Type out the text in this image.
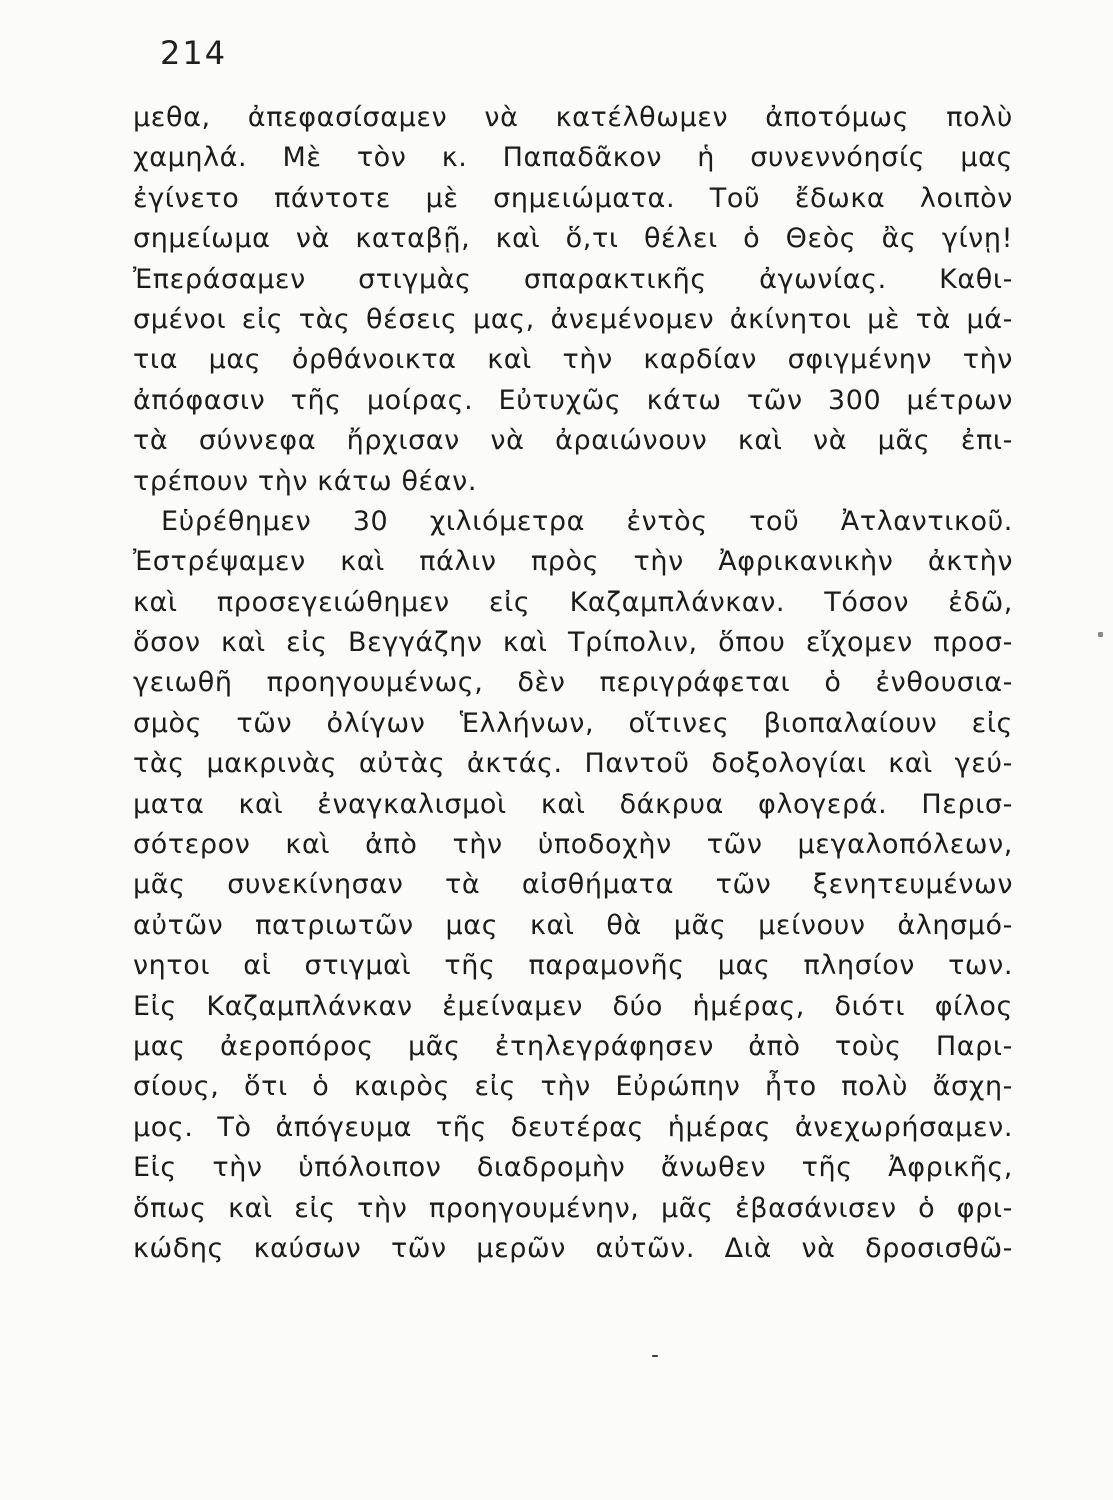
214
μεθα, ἀπεφασίσαμεν νὰ κατέλθωμεν ἀποτόμως πολὺ
χαμηλά. Μὲ τὸν κ. Παπαδᾶκον ἡ συνεννόησίς μας
ἐγίνετο πάντοτε μὲ σημειώματα. Τοῦ ἔδωκα λοιπὸν
σημείωμα νὰ καταβῇ, καὶ ὅ,τι θέλει ὁ Θεὸς ἂς γίνῃ!
Ἐπεράσαμεν στιγμὰς σπαρακτικῆς ἀγωνίας. Καθι-
σμένοι εἰς τὰς θέσεις μας, ἀνεμένομεν ἀκίνητοι μὲ τὰ μά-
τια μας ὀρθάνοικτα καὶ τὴν καρδίαν σφιγμένην τὴν
ἀπόφασιν τῆς μοίρας. Εὐτυχῶς κάτω τῶν 300 μέτρων
τὰ σύννεφα ἤρχισαν νὰ ἀραιώνουν καὶ νὰ μᾶς ἐπι-
τρέπουν τὴν κάτω θέαν.
Εὑρέθημεν 30 χιλιόμετρα ἐντὸς τοῦ Ἀτλαντικοῦ.
Ἐστρέψαμεν καὶ πάλιν πρὸς τὴν Ἀφρικανικὴν ἀκτὴν
καὶ προσεγειώθημεν εἰς Καζαμπλάνκαν. Τόσον ἐδῶ,
ὅσον καὶ εἰς Βεγγάζην καὶ Τρίπολιν, ὅπου εἴχομεν προσ-
γειωθῆ προηγουμένως, δὲν περιγράφεται ὁ ἐνθουσια-
σμὸς τῶν ὀλίγων Ἑλλήνων, οἵτινες βιοπαλαίουν εἰς
τὰς μακρινὰς αὐτὰς ἀκτάς. Παντοῦ δοξολογίαι καὶ γεύ-
ματα καὶ ἐναγκαλισμοὶ καὶ δάκρυα φλογερά. Περισ-
σότερον καὶ ἀπὸ τὴν ὑποδοχὴν τῶν μεγαλοπόλεων,
μᾶς συνεκίνησαν τὰ αἰσθήματα τῶν ξενητευμένων
αὐτῶν πατριωτῶν μας καὶ θὰ μᾶς μείνουν ἀλησμό-
νητοι αἱ στιγμαὶ τῆς παραμονῆς μας πλησίον των.
Εἰς Καζαμπλάνκαν ἐμείναμεν δύο ἡμέρας, διότι φίλος
μας ἀεροπόρος μᾶς ἐτηλεγράφησεν ἀπὸ τοὺς Παρι-
σίους, ὅτι ὁ καιρὸς εἰς τὴν Εὐρώπην ἦτο πολὺ ἄσχη-
μος. Τὸ ἀπόγευμα τῆς δευτέρας ἡμέρας ἀνεχωρήσαμεν.
Εἰς τὴν ὑπόλοιπον διαδρομὴν ἄνωθεν τῆς Ἀφρικῆς,
ὅπως καὶ εἰς τὴν προηγουμένην, μᾶς ἐβασάνισεν ὁ φρι-
κώδης καύσων τῶν μερῶν αὐτῶν. Διὰ νὰ δροσισθῶ-
